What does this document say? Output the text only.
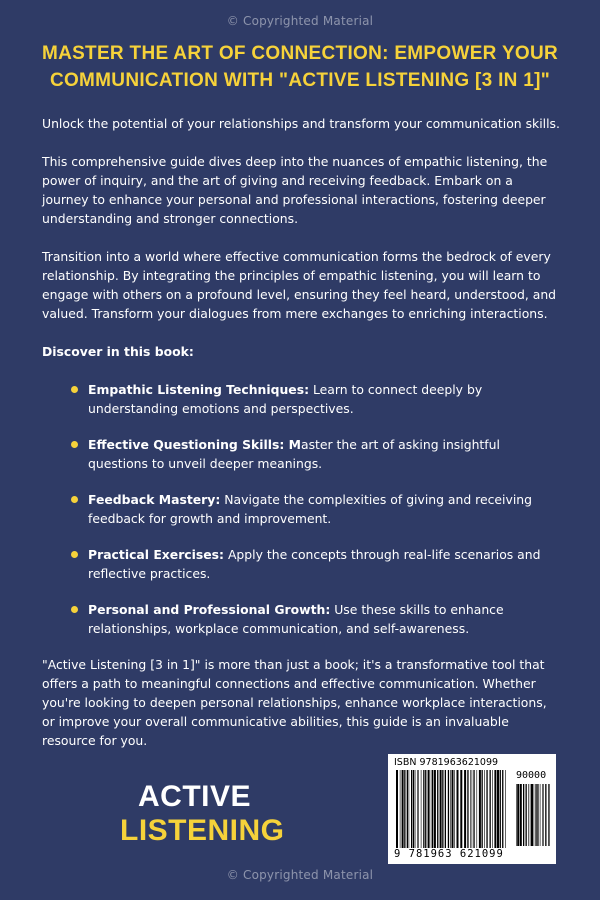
© Copyrighted Material
MASTER THE ART OF CONNECTION: EMPOWER YOUR
COMMUNICATION WITH "ACTIVE LISTENING [3 IN 1]"

Unlock the potential of your relationships and transform your communication skills.

This comprehensive guide dives deep into the nuances of empathic listening, the power of inquiry, and the art of giving and receiving feedback. Embark on a journey to enhance your personal and professional interactions, fostering deeper understanding and stronger connections.

Transition into a world where effective communication forms the bedrock of every relationship. By integrating the principles of empathic listening, you will learn to engage with others on a profound level, ensuring they feel heard, understood, and valued. Transform your dialogues from mere exchanges to enriching interactions.

Discover in this book:

Empathic Listening Techniques: Learn to connect deeply by understanding emotions and perspectives.
Effective Questioning Skills: Master the art of asking insightful questions to unveil deeper meanings.
Feedback Mastery: Navigate the complexities of giving and receiving feedback for growth and improvement.
Practical Exercises: Apply the concepts through real-life scenarios and reflective practices.
Personal and Professional Growth: Use these skills to enhance relationships, workplace communication, and self-awareness.

"Active Listening [3 in 1]" is more than just a book; it's a transformative tool that offers a path to meaningful connections and effective communication. Whether you're looking to deepen personal relationships, enhance workplace interactions, or improve your overall communicative abilities, this guide is an invaluable resource for you.

ACTIVE
LISTENING
ISBN 9781963621099
90000
9 781963 621099
© Copyrighted Material
